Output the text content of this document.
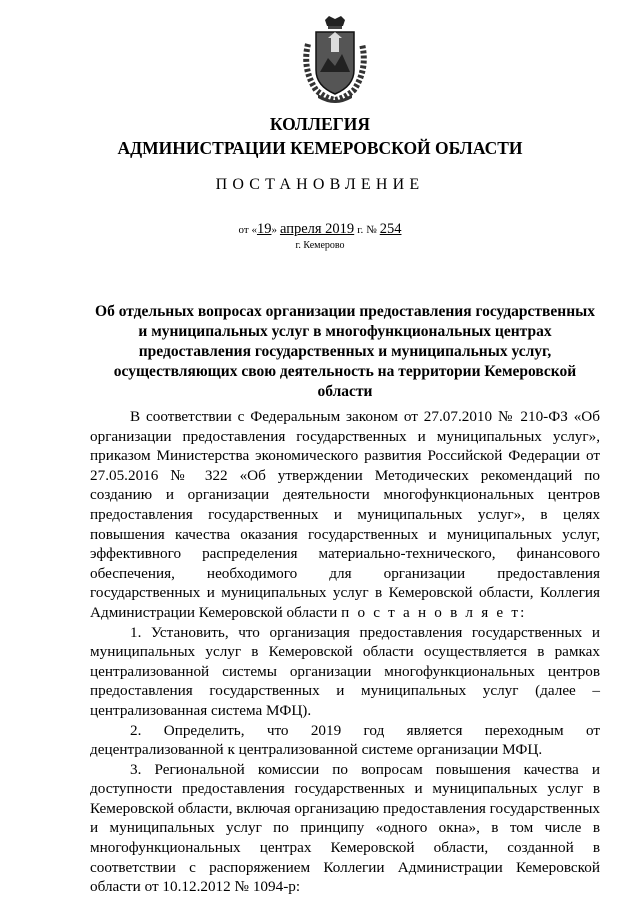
КОЛЛЕГИЯ
АДМИНИСТРАЦИИ КЕМЕРОВСКОЙ ОБЛАСТИ
ПОСТАНОВЛЕНИЕ
от «19» апреля 2019 г. № 254
г. Кемерово
Об отдельных вопросах организации предоставления государственных и муниципальных услуг в многофункциональных центрах предоставления государственных и муниципальных услуг, осуществляющих свою деятельность на территории Кемеровской области

В соответствии с Федеральным законом от 27.07.2010 № 210-ФЗ «Об организации предоставления государственных и муниципальных услуг», приказом Министерства экономического развития Российской Федерации от 27.05.2016 № 322 «Об утверждении Методических рекомендаций по созданию и организации деятельности многофункциональных центров предоставления государственных и муниципальных услуг», в целях повышения качества оказания государственных и муниципальных услуг, эффективного распределения материально-технического, финансового обеспечения, необходимого для организации предоставления государственных и муниципальных услуг в Кемеровской области, Коллегия Администрации Кемеровской области п о с т а н о в л я е т:

1. Установить, что организация предоставления государственных и муниципальных услуг в Кемеровской области осуществляется в рамках централизованной системы организации многофункциональных центров предоставления государственных и муниципальных услуг (далее – централизованная система МФЦ).

2. Определить, что 2019 год является переходным от децентрализованной к централизованной системе организации МФЦ.

3. Региональной комиссии по вопросам повышения качества и доступности предоставления государственных и муниципальных услуг в Кемеровской области, включая организацию предоставления государственных и муниципальных услуг по принципу «одного окна», в том числе в многофункциональных центрах Кемеровской области, созданной в соответствии с распоряжением Коллегии Администрации Кемеровской области от 10.12.2012 № 1094-р:
